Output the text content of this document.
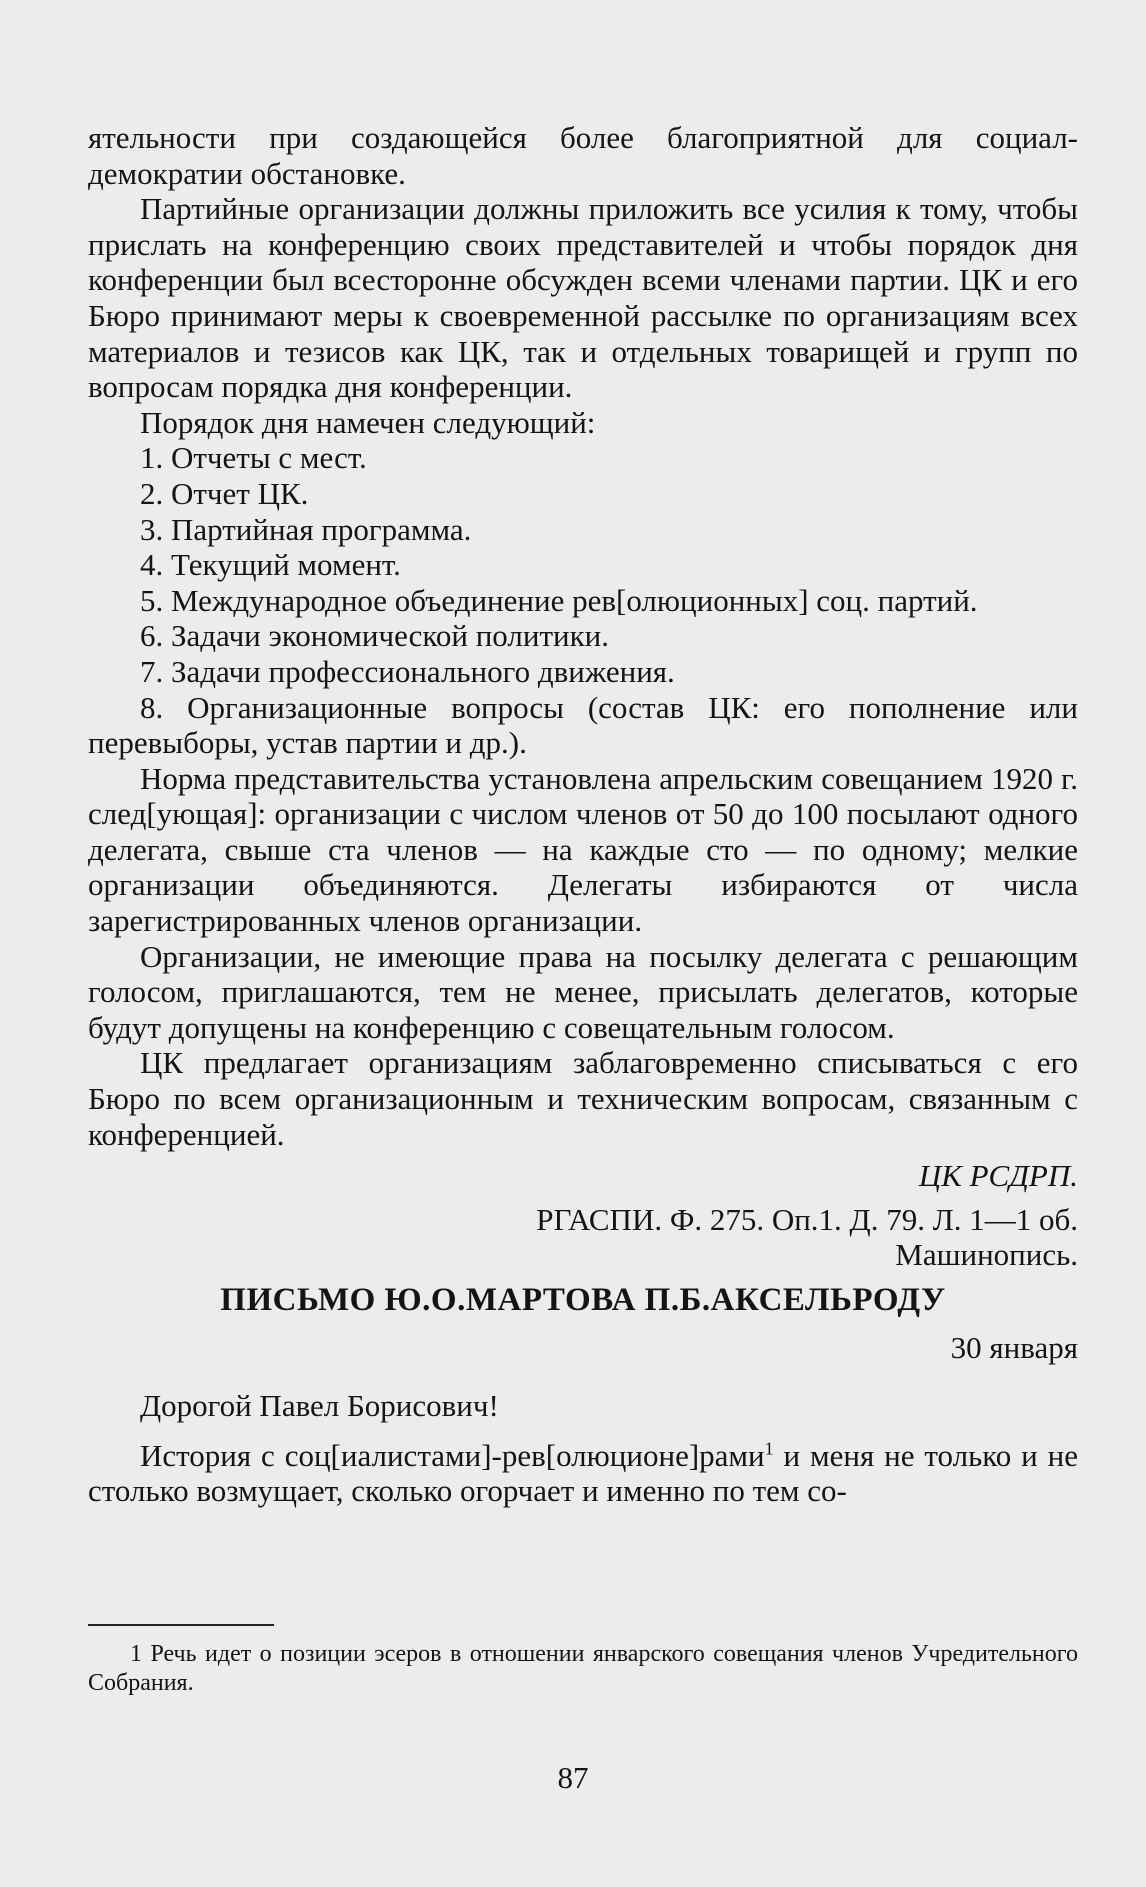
ятельности при создающейся более благоприятной для социал-демократии обстановке.

Партийные организации должны приложить все усилия к тому, чтобы прислать на конференцию своих представителей и чтобы порядок дня конференции был всесторонне обсужден всеми членами партии. ЦК и его Бюро принимают меры к своевременной рассылке по организациям всех материалов и тезисов как ЦК, так и отдельных товарищей и групп по вопросам порядка дня конференции.

Порядок дня намечен следующий:

1. Отчеты с мест.

2. Отчет ЦК.

3. Партийная программа.

4. Текущий момент.

5. Международное объединение рев[олюционных] соц. партий.

6. Задачи экономической политики.

7. Задачи профессионального движения.

8. Организационные вопросы (состав ЦК: его пополнение или перевыборы, устав партии и др.).

Норма представительства установлена апрельским совещанием 1920 г. след[ующая]: организации с числом членов от 50 до 100 посылают одного делегата, свыше ста членов — на каждые сто — по одному; мелкие организации объединяются. Делегаты избираются от числа зарегистрированных членов организации.

Организации, не имеющие права на посылку делегата с решающим голосом, приглашаются, тем не менее, присылать делегатов, которые будут допущены на конференцию с совещательным голосом.

ЦК предлагает организациям заблаговременно списываться с его Бюро по всем организационным и техническим вопросам, связанным с конференцией.

ЦК РСДРП.

РГАСПИ. Ф. 275. Оп.1. Д. 79. Л. 1—1 об.

Машинопись.

ПИСЬМО Ю.О.МАРТОВА П.Б.АКСЕЛЬРОДУ
30 января

Дорогой Павел Борисович!

История с соц[иалистами]-рев[олюционе]рами$^1$ и меня не только и не столько возмущает, сколько огорчает и именно по тем со-

1 Речь идет о позиции эсеров в отношении январского совещания членов Учредительного Собрания.
87
